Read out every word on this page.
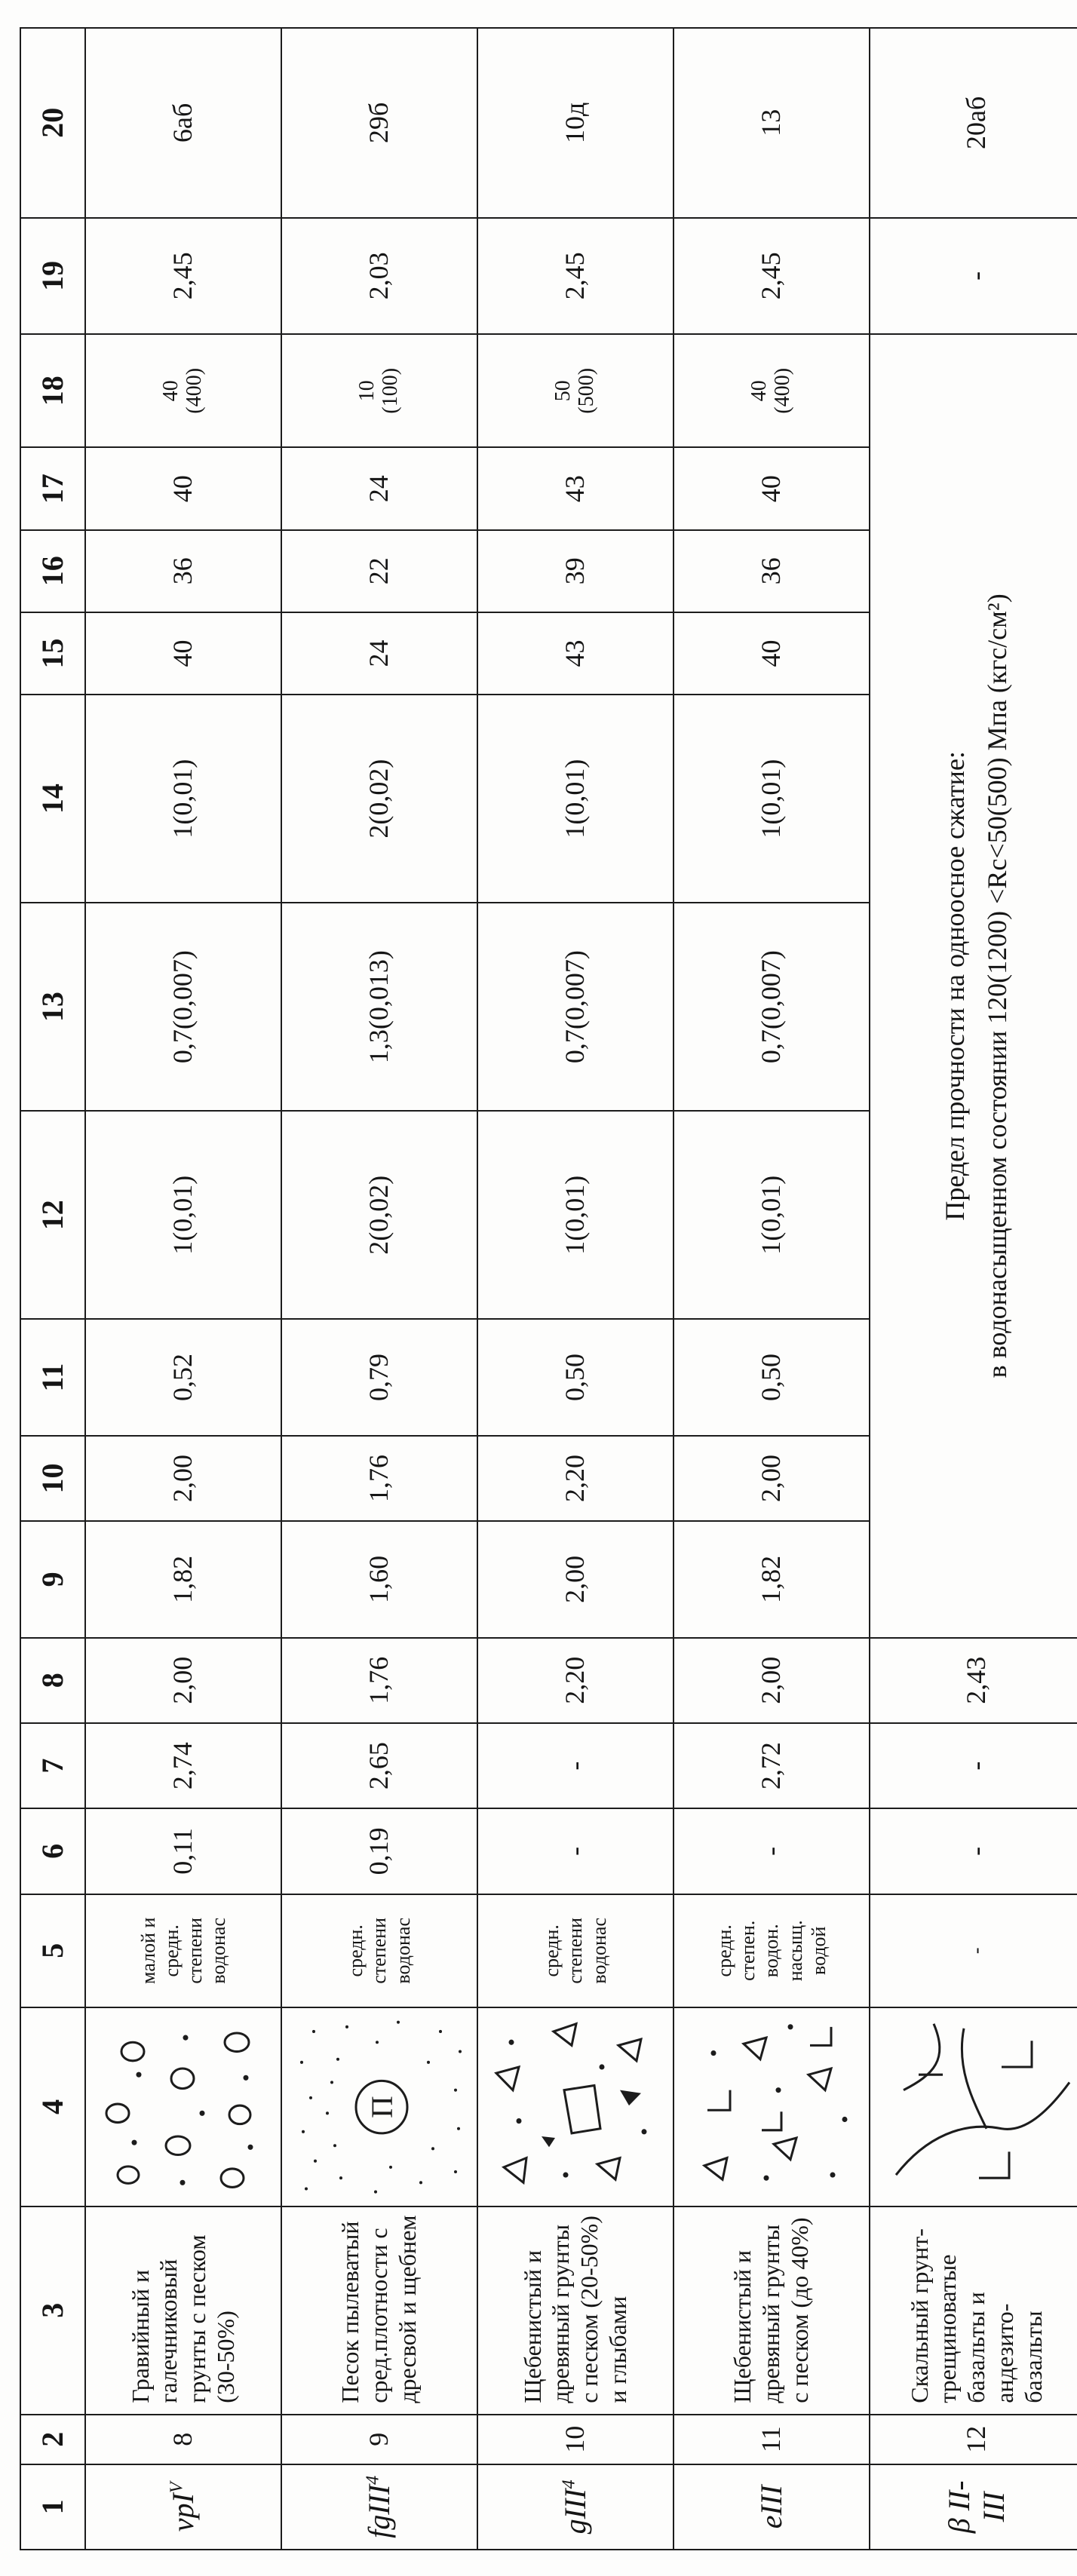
1	2	3	4	5	6	7	8	9	10	11	12	13	14	15	16	17	18	19	20
vpI$^V$	8	Гравийный и галечниковый грунты с песком (30-50%)		малой и средн. степени водонас	0,11	2,74	2,00	1,82	2,00	0,52	1(0,01)	0,7(0,007)	1(0,01)	40	36	40	40 (400)	2,45	6аб
fgIII$^4$	9	Песок пылеватый сред.плотности с дресвой и щебнем	П	средн. степени водонас	0,19	2,65	1,76	1,60	1,76	0,79	2(0,02)	1,3(0,013)	2(0,02)	24	22	24	10 (100)	2,03	29б
gIII$^4$	10	Щебенистый и древяный грунты с песком (20-50%) и глыбами		средн. степени водонас	-	-	2,20	2,00	2,20	0,50	1(0,01)	0,7(0,007)	1(0,01)	43	39	43	50 (500)	2,45	10д
eIII	11	Щебенистый и древяный грунты с песком (до 40%)		средн. степен. водон. насыщ. водой	-	2,72	2,00	1,82	2,00	0,50	1(0,01)	0,7(0,007)	1(0,01)	40	36	40	40 (400)	2,45	13
β II-III	12	Скальный грунт-трещиноватые базальты и андезито-базальты		-	-	-	2,43	Предел прочности на одноосное сжатие: в водонасыщенном состоянии 120(1200) <Rc<50(500) Мпа (кгс/см²)										-	20аб
